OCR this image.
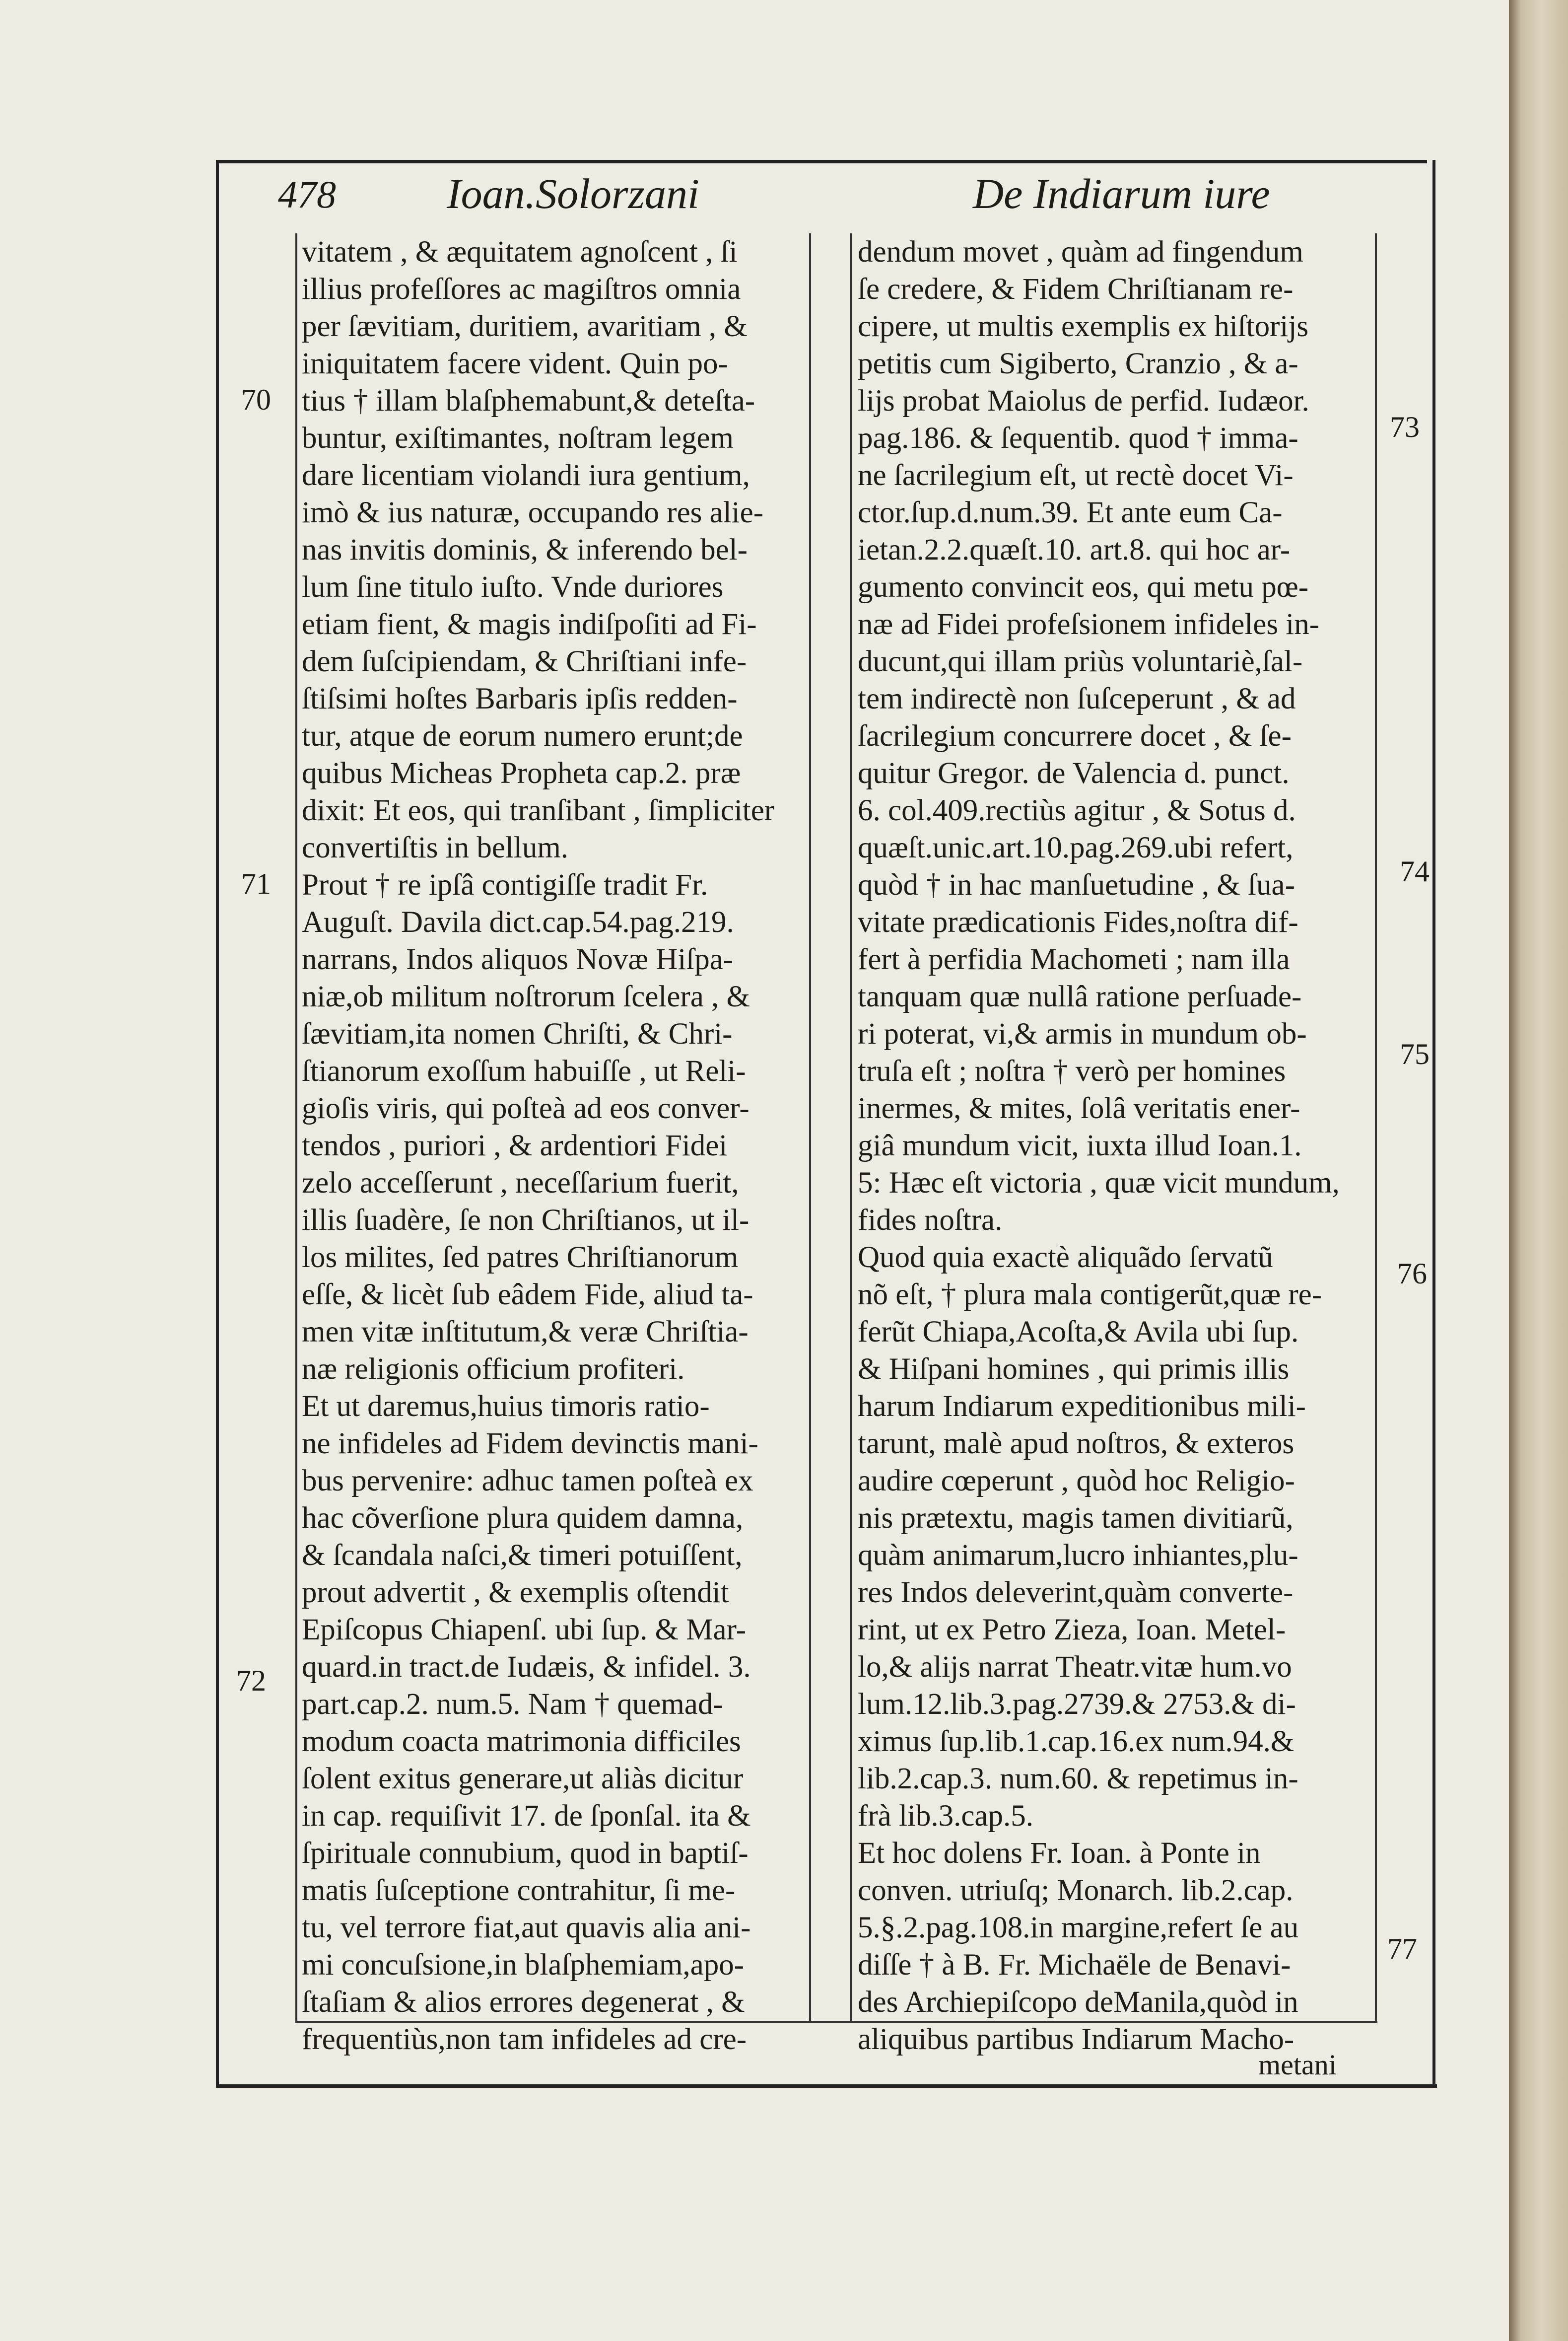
478	Ioan.Solorzani	De Indiarum iure
vitatem , & æquitatem agnoſcent , ſi
illius profeſſores ac magiſtros omnia
per ſævitiam, duritiem, avaritiam , &
iniquitatem facere vident. Quin po-
tius † illam blaſphemabunt,& deteſta-
buntur, exiſtimantes, noſtram legem
dare licentiam violandi iura gentium,
imò & ius naturæ, occupando res alie-
nas invitis dominis, & inferendo bel-
lum ſine titulo iuſto. Vnde duriores
etiam fient, & magis indiſpoſiti ad Fi-
dem ſuſcipiendam, & Chriſtiani infe-
ſtiſsimi hoſtes Barbaris ipſis redden-
tur, atque de eorum numero erunt;de
quibus Micheas Propheta cap.2. præ
dixit: Et eos, qui tranſibant , ſimpliciter
convertiſtis in bellum.
Prout † re ipſâ contigiſſe tradit Fr.
Auguſt. Davila dict.cap.54.pag.219.
narrans, Indos aliquos Novæ Hiſpa-
niæ,ob militum noſtrorum ſcelera , &
ſævitiam,ita nomen Chriſti, & Chri-
ſtianorum exoſſum habuiſſe , ut Reli-
gioſis viris, qui poſteà ad eos conver-
tendos , puriori , & ardentiori Fidei
zelo acceſſerunt , neceſſarium fuerit,
illis ſuadère, ſe non Chriſtianos, ut il-
los milites, ſed patres Chriſtianorum
eſſe, & licèt ſub eâdem Fide, aliud ta-
men vitæ inſtitutum,& veræ Chriſtia-
næ religionis officium profiteri.
Et ut daremus,huius timoris ratio-
ne infideles ad Fidem devinctis mani-
bus pervenire: adhuc tamen poſteà ex
hac cõverſione plura quidem damna,
& ſcandala naſci,& timeri potuiſſent,
prout advertit , & exemplis oſtendit
Epiſcopus Chiapenſ. ubi ſup. & Mar-
quard.in tract.de Iudæis, & infidel. 3.
part.cap.2. num.5. Nam † quemad-
modum coacta matrimonia difficiles
ſolent exitus generare,ut aliàs dicitur
in cap. requiſivit 17. de ſponſal. ita &
ſpirituale connubium, quod in baptiſ-
matis ſuſceptione contrahitur, ſi me-
tu, vel terrore fiat,aut quavis alia ani-
mi concuſsione,in blaſphemiam,apo-
ſtaſiam & alios errores degenerat , &
frequentiùs,non tam infideles ad cre-
dendum movet , quàm ad fingendum
ſe credere, & Fidem Chriſtianam re-
cipere, ut multis exemplis ex hiſtorijs
petitis cum Sigiberto, Cranzio , & a-
lijs probat Maiolus de perfid. Iudæor.
pag.186. & ſequentib. quod † imma-
ne ſacrilegium eſt, ut rectè docet Vi-
ctor.ſup.d.num.39. Et ante eum Ca-
ietan.2.2.quæſt.10. art.8. qui hoc ar-
gumento convincit eos, qui metu pœ-
næ ad Fidei profeſsionem infideles in-
ducunt,qui illam priùs voluntariè,ſal-
tem indirectè non ſuſceperunt , & ad
ſacrilegium concurrere docet , & ſe-
quitur Gregor. de Valencia d. punct.
6. col.409.rectiùs agitur , & Sotus d.
quæſt.unic.art.10.pag.269.ubi refert,
quòd † in hac manſuetudine , & ſua-
vitate prædicationis Fides,noſtra dif-
fert à perfidia Machometi ; nam illa
tanquam quæ nullâ ratione perſuade-
ri poterat, vi,& armis in mundum ob-
truſa eſt ; noſtra † verò per homines
inermes, & mites, ſolâ veritatis ener-
giâ mundum vicit, iuxta illud Ioan.1.
5: Hæc eſt victoria , quæ vicit mundum,
fides noſtra.
Quod quia exactè aliquãdo ſervatũ
nõ eſt, † plura mala contigerũt,quæ re-
ferũt Chiapa,Acoſta,& Avila ubi ſup.
& Hiſpani homines , qui primis illis
harum Indiarum expeditionibus mili-
tarunt, malè apud noſtros, & exteros
audire cœperunt , quòd hoc Religio-
nis prætextu, magis tamen divitiarũ,
quàm animarum,lucro inhiantes,plu-
res Indos deleverint,quàm converte-
rint, ut ex Petro Zieza, Ioan. Metel-
lo,& alijs narrat Theatr.vitæ hum.vo
lum.12.lib.3.pag.2739.& 2753.& di-
ximus ſup.lib.1.cap.16.ex num.94.&
lib.2.cap.3. num.60. & repetimus in-
frà lib.3.cap.5.
Et hoc dolens Fr. Ioan. à Ponte in
conven. utriuſq; Monarch. lib.2.cap.
5.§.2.pag.108.in margine,refert ſe au
diſſe † à B. Fr. Michaële de Benavi-
des Archiepiſcopo deManila,quòd in
aliquibus partibus Indiarum Macho-
70
71
72
73
74
75
76
77
metani
